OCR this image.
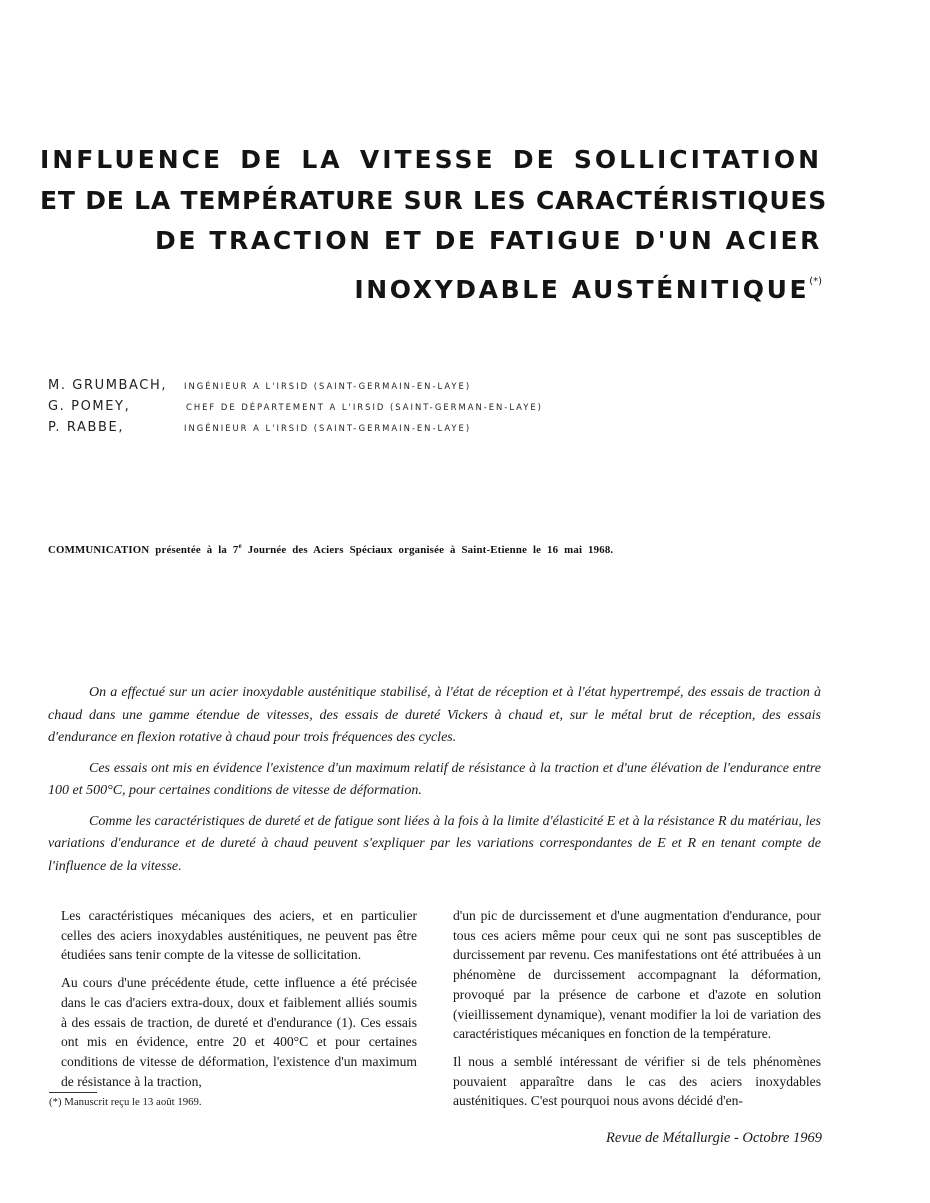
INFLUENCE DE LA VITESSE DE SOLLICITATION
ET DE LA TEMPÉRATURE SUR LES CARACTÉRISTIQUES
DE TRACTION ET DE FATIGUE D'UN ACIER
INOXYDABLE AUSTÉNITIQUE(*)
M. GRUMBACH, INGÉNIEUR A L'IRSID (SAINT-GERMAIN-EN-LAYE)
G. POMEY,	CHEF DE DÉPARTEMENT A L'IRSID (SAINT-GERMAN-EN-LAYE)
P. RABBE,	INGÉNIEUR A L'IRSID (SAINT-GERMAIN-EN-LAYE)
COMMUNICATION présentée à la 7e Journée des Aciers Spéciaux organisée à Saint-Etienne le 16 mai 1968.

On a effectué sur un acier inoxydable austénitique stabilisé, à l'état de réception et à l'état hypertrempé, des essais de traction à chaud dans une gamme étendue de vitesses, des essais de dureté Vickers à chaud et, sur le métal brut de réception, des essais d'endurance en flexion rotative à chaud pour trois fréquences des cycles.

Ces essais ont mis en évidence l'existence d'un maximum relatif de résistance à la traction et d'une élévation de l'endurance entre 100 et 500°C, pour certaines conditions de vitesse de déformation.

Comme les caractéristiques de dureté et de fatigue sont liées à la fois à la limite d'élasticité E et à la résistance R du matériau, les variations d'endurance et de dureté à chaud peuvent s'expliquer par les variations correspondantes de E et R en tenant compte de l'influence de la vitesse.

Les caractéristiques mécaniques des aciers, et en particulier celles des aciers inoxydables austénitiques, ne peuvent pas être étudiées sans tenir compte de la vitesse de sollicitation.

Au cours d'une précédente étude, cette influence a été précisée dans le cas d'aciers extra-doux, doux et faiblement alliés soumis à des essais de traction, de dureté et d'endurance (1). Ces essais ont mis en évidence, entre 20 et 400°C et pour certaines conditions de vitesse de déformation, l'existence d'un maximum de résistance à la traction,

d'un pic de durcissement et d'une augmentation d'endurance, pour tous ces aciers même pour ceux qui ne sont pas susceptibles de durcissement par revenu. Ces manifestations ont été attribuées à un phénomène de durcissement accompagnant la déformation, provoqué par la présence de carbone et d'azote en solution (vieillissement dynamique), venant modifier la loi de variation des caractéristiques mécaniques en fonction de la température.

Il nous a semblé intéressant de vérifier si de tels phénomènes pouvaient apparaître dans le cas des aciers inoxydables austénitiques. C'est pourquoi nous avons décidé d'en-

(*) Manuscrit reçu le 13 août 1969.
Revue de Métallurgie - Octobre 1969
